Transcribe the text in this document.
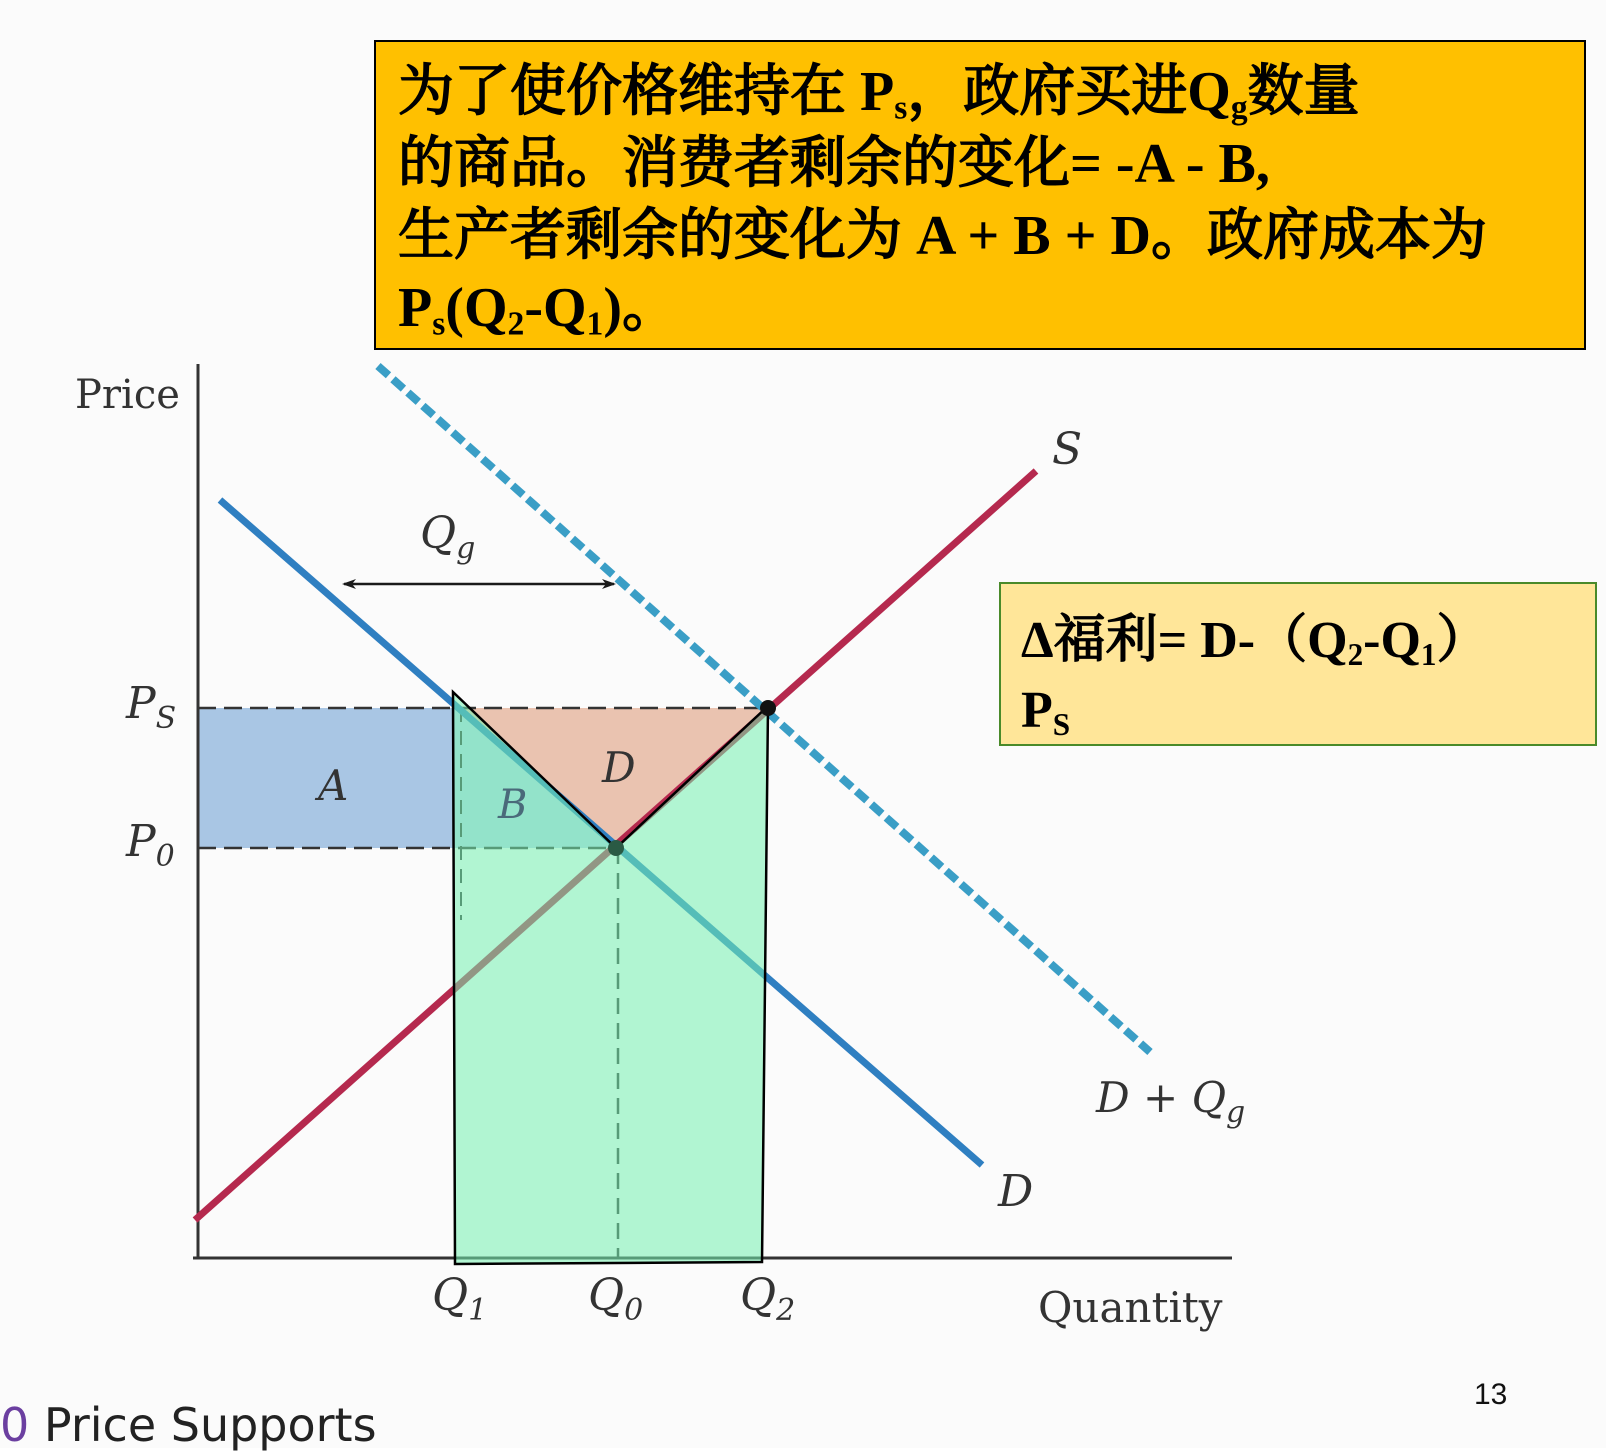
Price
Quantity
$P_S$
$P_0$
$Q_1$ $Q_0$ $Q_2$
$Q_g$
A	B
D
S
D
$D + Q_g$
为了使价格维持在 $P_s$，政府买进$Q_g$数量
的商品。消费者剩余的变化= -A - B,
生产者剩余的变化为 A + B + D。政府成本为
$P_s(Q_2-Q_1)$。
Δ福利= $D-(Q_2-Q_1)$
$P_S$
13
0 Price Supports
